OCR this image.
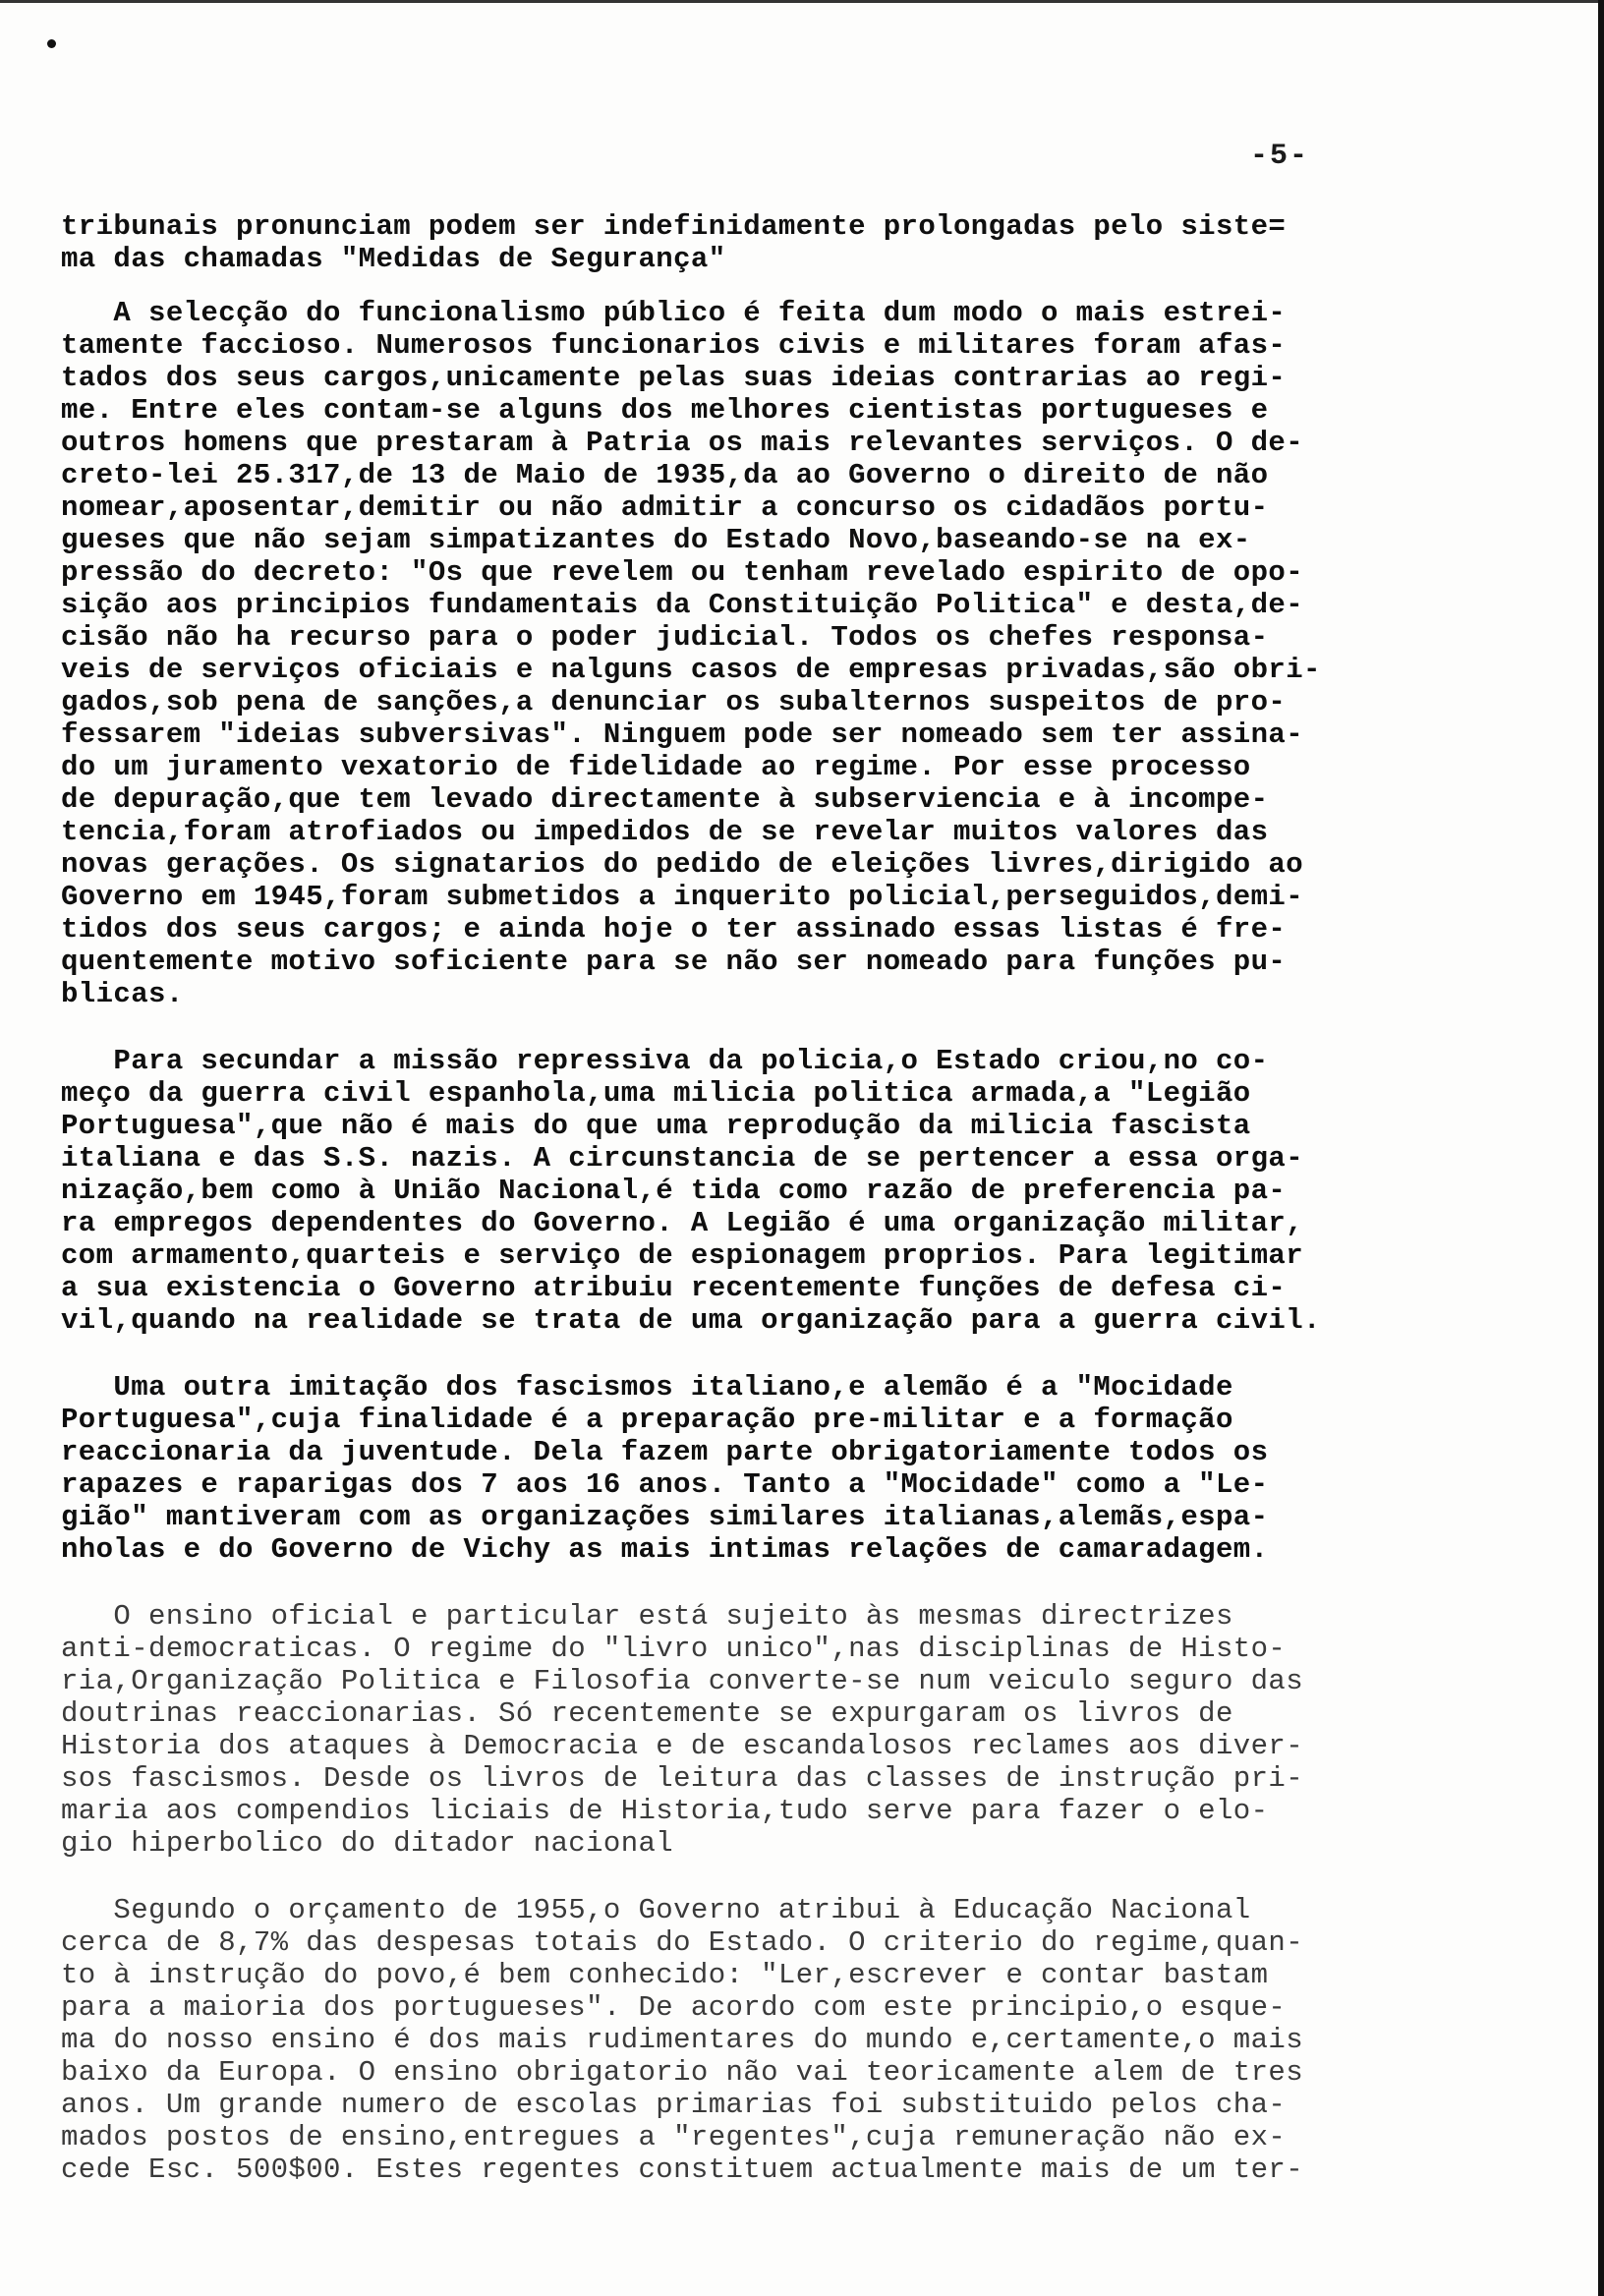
-5-
tribunais pronunciam podem ser indefinidamente prolongadas pelo siste=
ma das chamadas "Medidas de Segurança"
A selecção do funcionalismo público é feita dum modo o mais estrei-
tamente faccioso. Numerosos funcionarios civis e militares foram afas-
tados dos seus cargos,unicamente pelas suas ideias contrarias ao regi-
me. Entre eles contam-se alguns dos melhores cientistas portugueses e
outros homens que prestaram à Patria os mais relevantes serviços. O de-
creto-lei 25.317,de 13 de Maio de 1935,da ao Governo o direito de não
nomear,aposentar,demitir ou não admitir a concurso os cidadãos portu-
gueses que não sejam simpatizantes do Estado Novo,baseando-se na ex-
pressão do decreto: "Os que revelem ou tenham revelado espirito de opo-
sição aos principios fundamentais da Constituição Politica" e desta,de-
cisão não ha recurso para o poder judicial. Todos os chefes responsa-
veis de serviços oficiais e nalguns casos de empresas privadas,são obri-
gados,sob pena de sanções,a denunciar os subalternos suspeitos de pro-
fessarem "ideias subversivas". Ninguem pode ser nomeado sem ter assina-
do um juramento vexatorio de fidelidade ao regime. Por esse processo
de depuração,que tem levado directamente à subserviencia e à incompe-
tencia,foram atrofiados ou impedidos de se revelar muitos valores das
novas gerações. Os signatarios do pedido de eleições livres,dirigido ao
Governo em 1945,foram submetidos a inquerito policial,perseguidos,demi-
tidos dos seus cargos; e ainda hoje o ter assinado essas listas é fre-
quentemente motivo soficiente para se não ser nomeado para funções pu-
blicas.
Para secundar a missão repressiva da policia,o Estado criou,no co-
meço da guerra civil espanhola,uma milicia politica armada,a "Legião
Portuguesa",que não é mais do que uma reprodução da milicia fascista
italiana e das S.S. nazis. A circunstancia de se pertencer a essa orga-
nização,bem como à União Nacional,é tida como razão de preferencia pa-
ra empregos dependentes do Governo. A Legião é uma organização militar,
com armamento,quarteis e serviço de espionagem proprios. Para legitimar
a sua existencia o Governo atribuiu recentemente funções de defesa ci-
vil,quando na realidade se trata de uma organização para a guerra civil.
Uma outra imitação dos fascismos italiano,e alemão é a "Mocidade
Portuguesa",cuja finalidade é a preparação pre-militar e a formação
reaccionaria da juventude. Dela fazem parte obrigatoriamente todos os
rapazes e raparigas dos 7 aos 16 anos. Tanto a "Mocidade" como a "Le-
gião" mantiveram com as organizações similares italianas,alemãs,espa-
nholas e do Governo de Vichy as mais intimas relações de camaradagem.
O ensino oficial e particular está sujeito às mesmas directrizes
anti-democraticas. O regime do "livro unico",nas disciplinas de Histo-
ria,Organização Politica e Filosofia converte-se num veiculo seguro das
doutrinas reaccionarias. Só recentemente se expurgaram os livros de
Historia dos ataques à Democracia e de escandalosos reclames aos diver-
sos fascismos. Desde os livros de leitura das classes de instrução pri-
maria aos compendios liciais de Historia,tudo serve para fazer o elo-
gio hiperbolico do ditador nacional
Segundo o orçamento de 1955,o Governo atribui à Educação Nacional
cerca de 8,7% das despesas totais do Estado. O criterio do regime,quan-
to à instrução do povo,é bem conhecido: "Ler,escrever e contar bastam
para a maioria dos portugueses". De acordo com este principio,o esque-
ma do nosso ensino é dos mais rudimentares do mundo e,certamente,o mais
baixo da Europa. O ensino obrigatorio não vai teoricamente alem de tres
anos. Um grande numero de escolas primarias foi substituido pelos cha-
mados postos de ensino,entregues a "regentes",cuja remuneração não ex-
cede Esc. 500$00. Estes regentes constituem actualmente mais de um ter-
